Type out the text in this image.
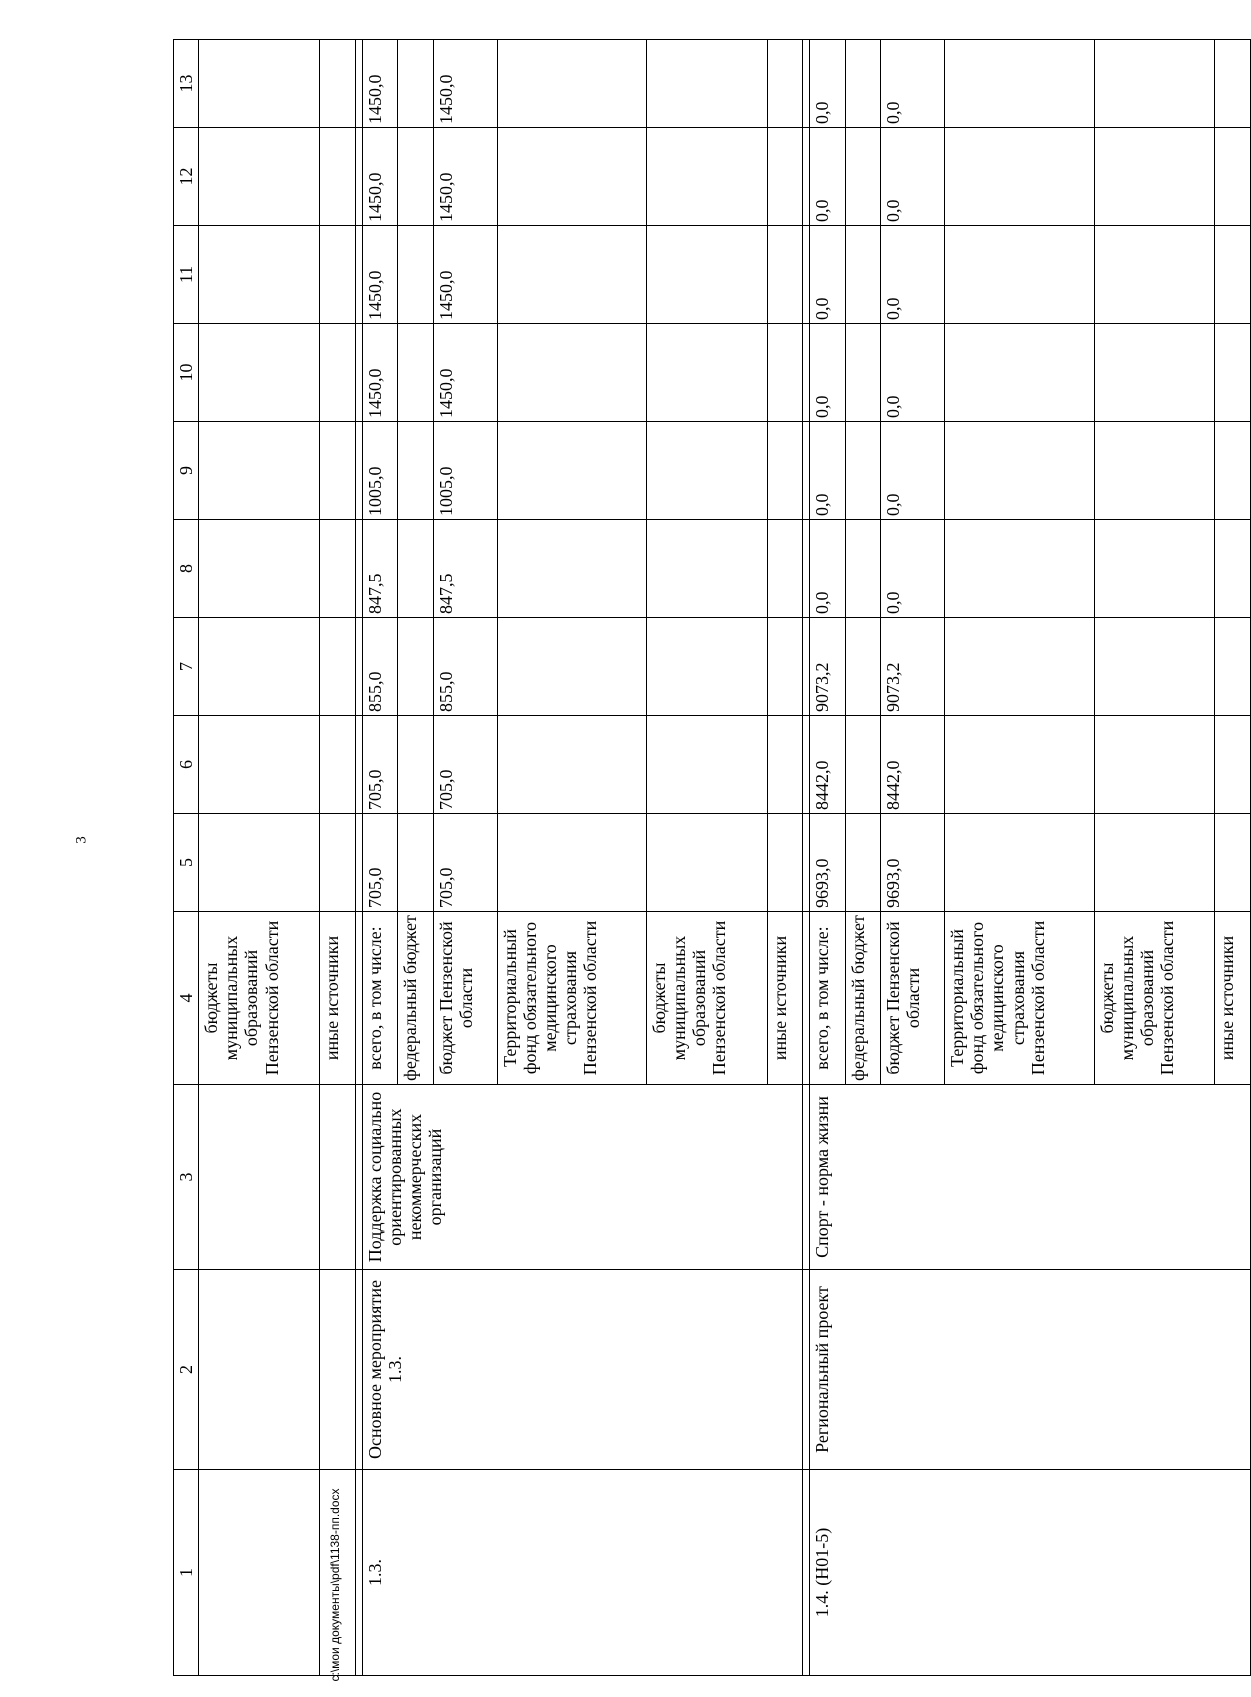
3
1	2	3	4	5	6	7	8	9	10	11	12	13
			бюджеты муниципальных образований Пензенской области									
			иные источники									

1.3.	Основное мероприятие 1.3.	Поддержка социально ориентированных некоммерческих организаций	всего, в том числе:	705,0	705,0	855,0	847,5	1005,0	1450,0	1450,0	1450,0	1450,0
			федеральный бюджет									
			бюджет Пензенской области	705,0	705,0	855,0	847,5	1005,0	1450,0	1450,0	1450,0	1450,0
			Территориальный фонд обязательного медицинского страхования Пензенской области									
			бюджеты муниципальных образований Пензенской области									
			иные источники									

1.4. (Н01-5)	Региональный проект	Спорт - норма жизни	всего, в том числе:	9693,0	8442,0	9073,2	0,0	0,0	0,0	0,0	0,0	0,0
			федеральный бюджет									
			бюджет Пензенской области	9693,0	8442,0	9073,2	0,0	0,0	0,0	0,0	0,0	0,0
			Территориальный фонд обязательного медицинского страхования Пензенской области									
			бюджеты муниципальных образований Пензенской области									
			иные источники									
c:\мои документы\pdf\1138-пп.docx
